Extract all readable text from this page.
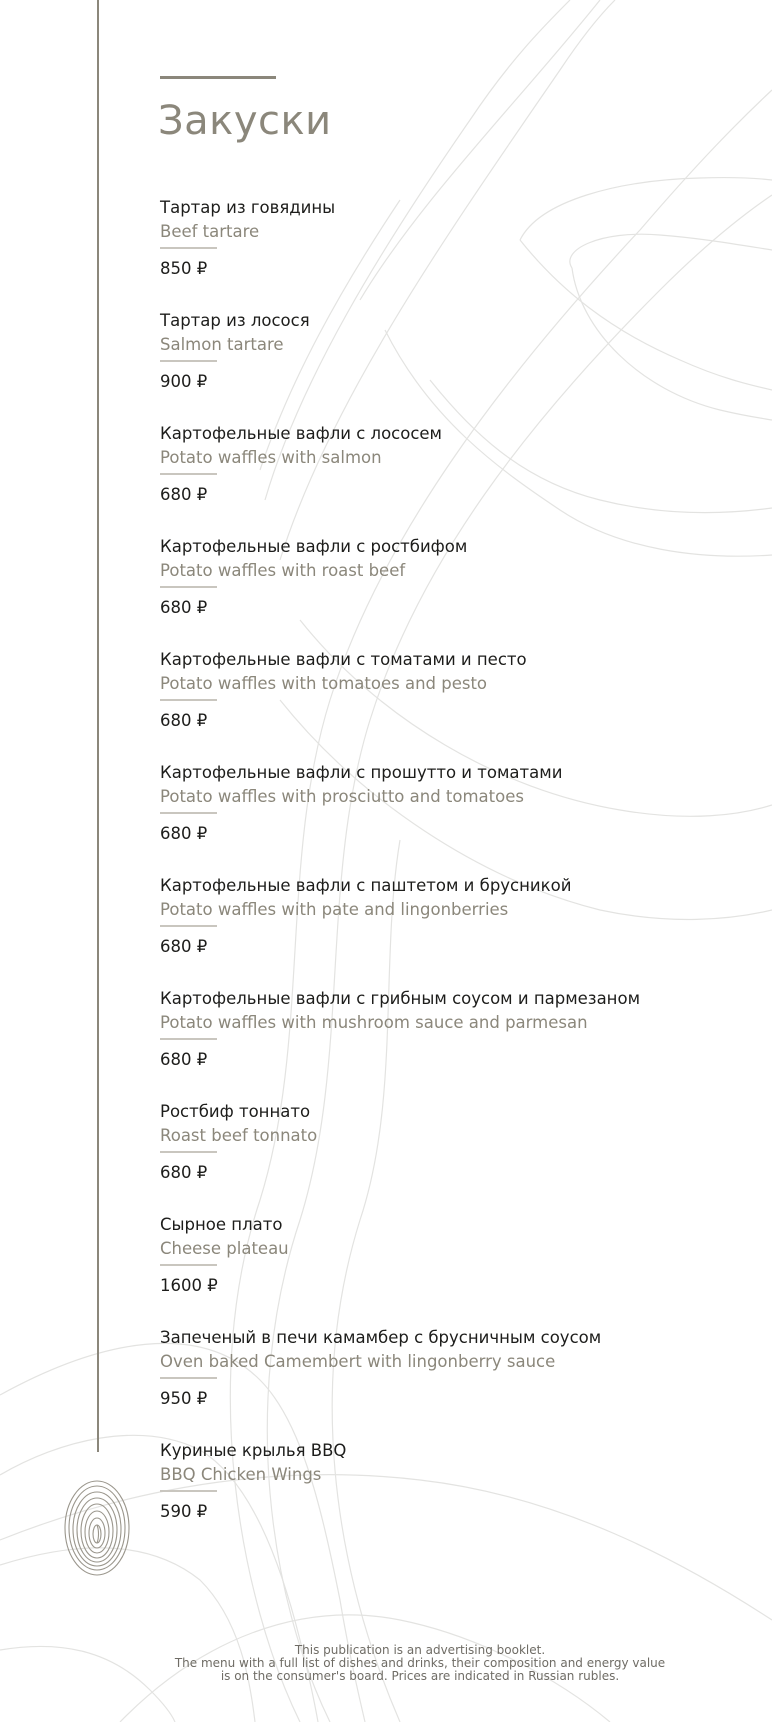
Закуски
Тартар из говядины
Beef tartare
850 ₽
Тартар из лосося
Salmon tartare
900 ₽
Картофельные вафли с лососем
Potato waffles with salmon
680 ₽
Картофельные вафли с ростбифом
Potato waffles with roast beef
680 ₽
Картофельные вафли с томатами и песто
Potato waffles with tomatoes and pesto
680 ₽
Картофельные вафли с прошутто и томатами
Potato waffles with prosciutto and tomatoes
680 ₽
Картофельные вафли с паштетом и брусникой
Potato waffles with pate and lingonberries
680 ₽
Картофельные вафли с грибным соусом и пармезаном
Potato waffles with mushroom sauce and parmesan
680 ₽
Ростбиф тоннато
Roast beef tonnato
680 ₽
Сырное плато
Cheese plateau
1600 ₽
Запеченый в печи камамбер с брусничным соусом
Oven baked Camembert with lingonberry sauce
950 ₽
Куриные крылья BBQ
BBQ Chicken Wings
590 ₽
This publication is an advertising booklet.
The menu with a full list of dishes and drinks, their composition and energy value
is on the consumer's board. Prices are indicated in Russian rubles.
